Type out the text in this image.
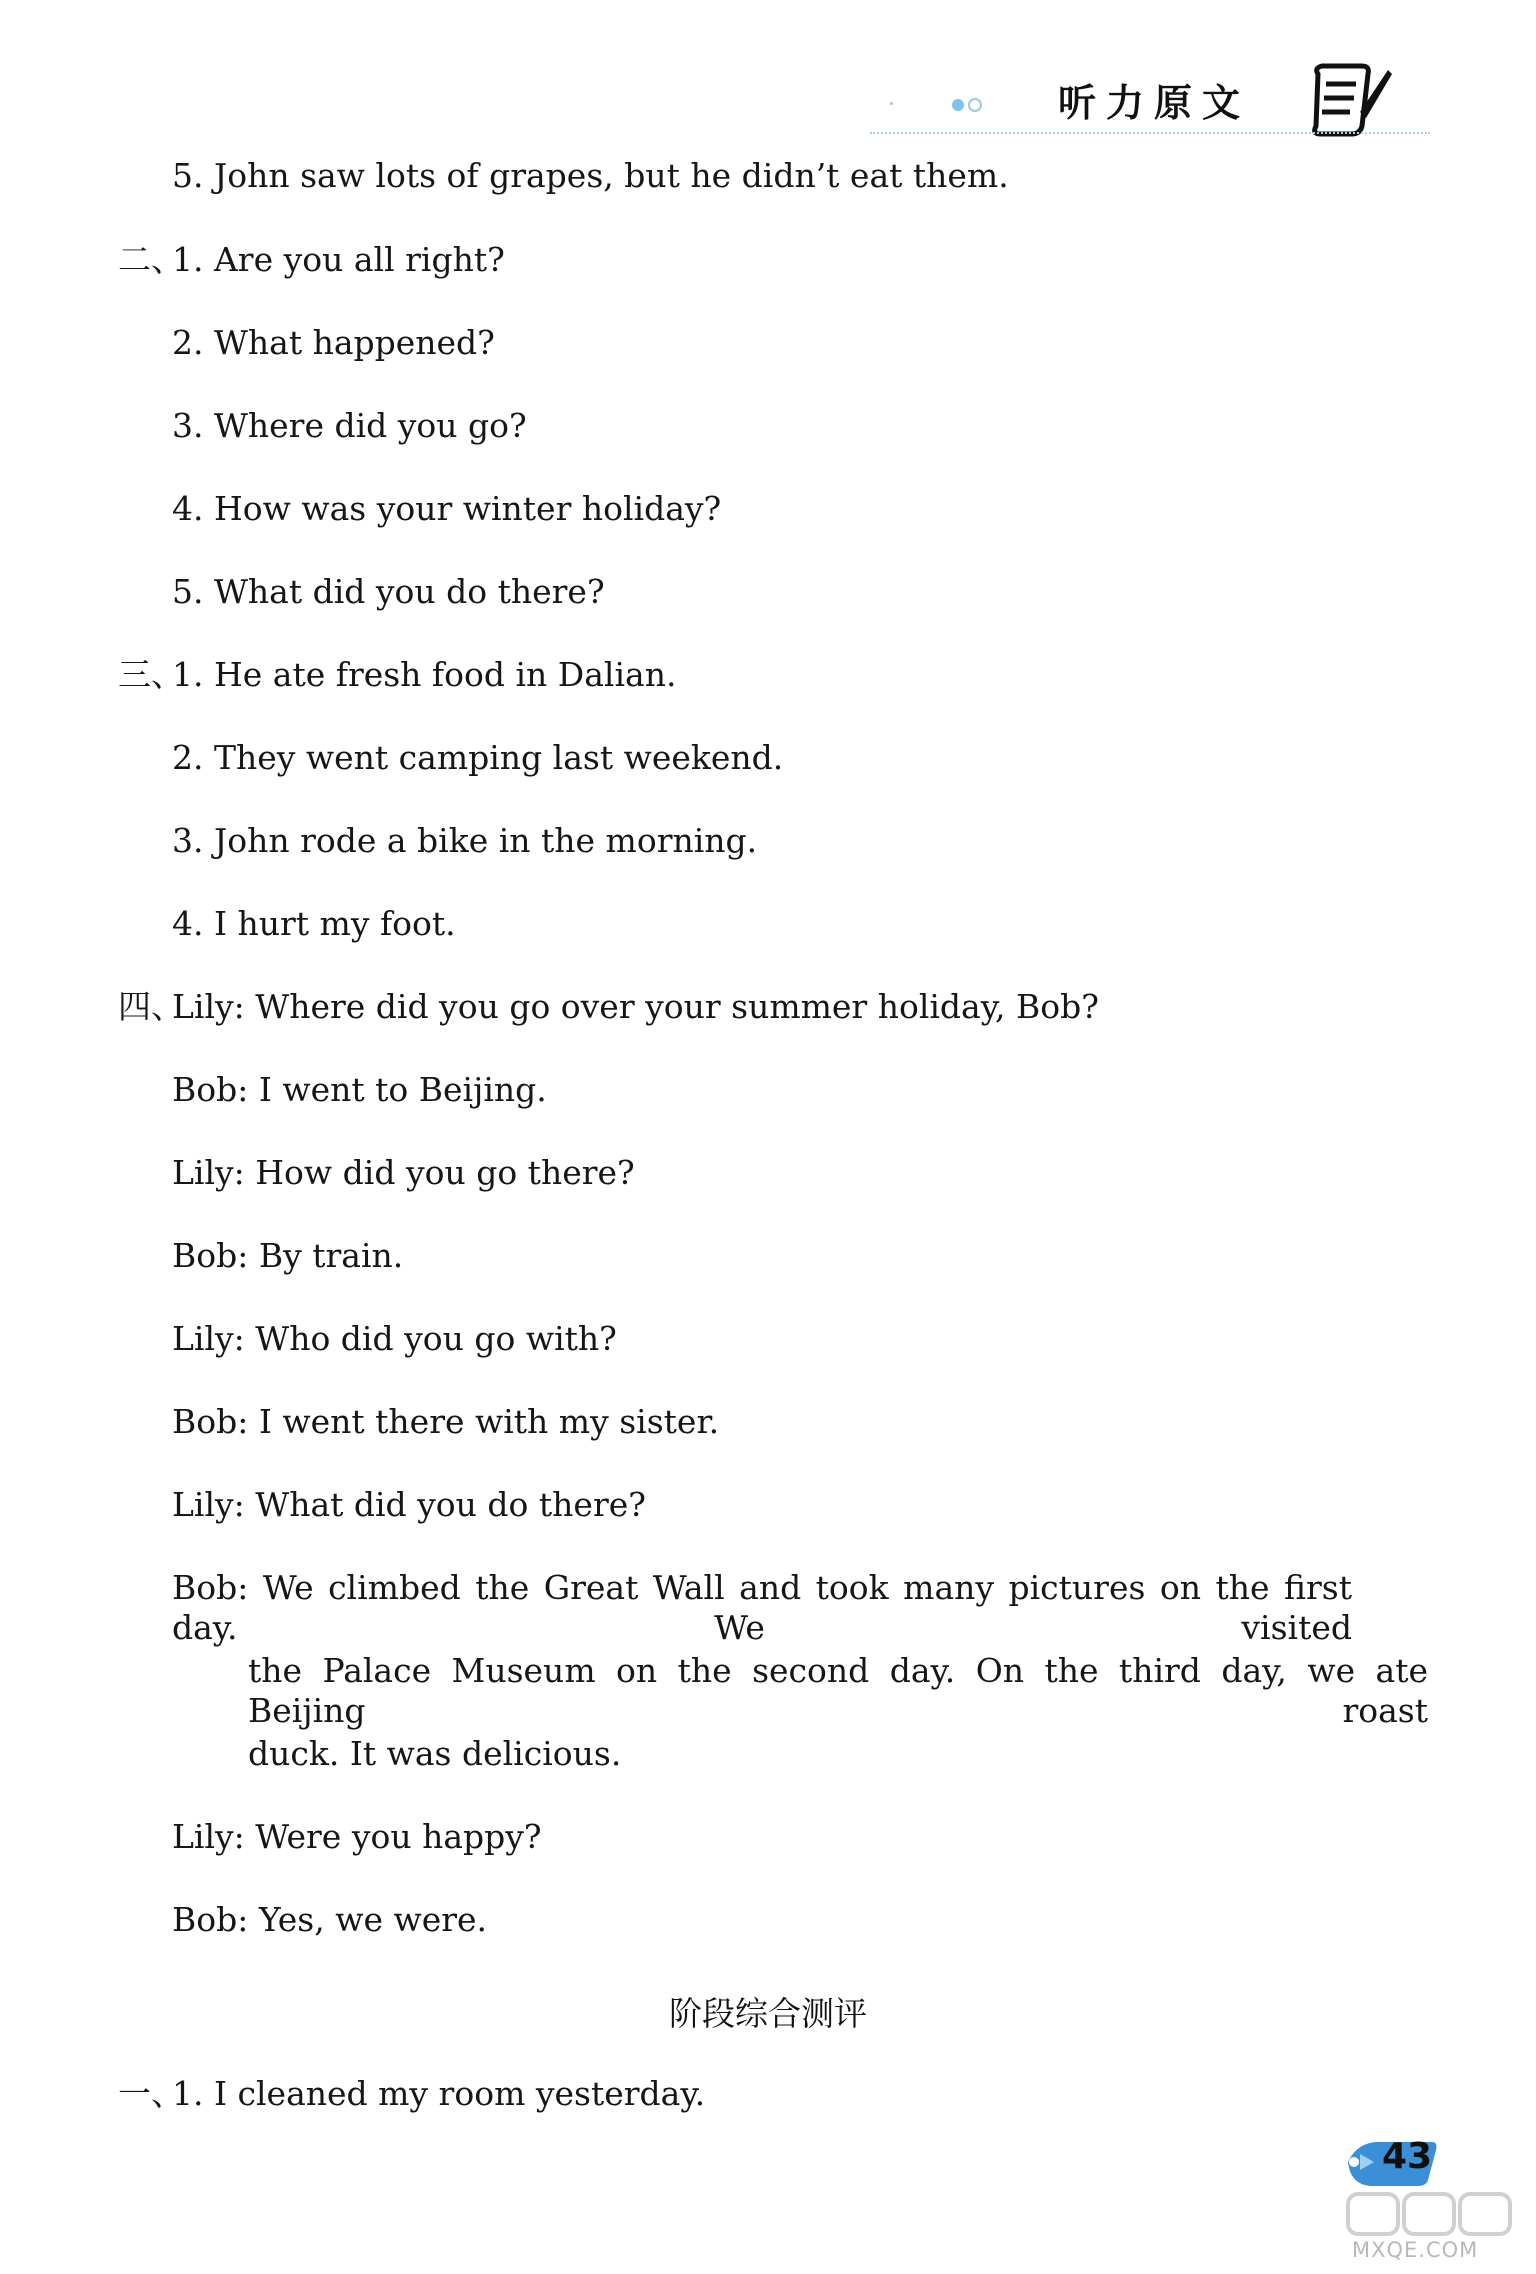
听力原文
5. John saw lots of grapes, but he didn’t eat them.
二、
1. Are you all right?
2. What happened?
3. Where did you go?
4. How was your winter holiday?
5. What did you do there?
三、
1. He ate fresh food in Dalian.
2. They went camping last weekend.
3. John rode a bike in the morning.
4. I hurt my foot.
四、
Lily: Where did you go over your summer holiday, Bob?
Bob: I went to Beijing.
Lily: How did you go there?
Bob: By train.
Lily: Who did you go with?
Bob: I went there with my sister.
Lily: What did you do there?
Bob: We climbed the Great Wall and took many pictures on the first day. We visited
the Palace Museum on the second day. On the third day, we ate Beijing roast
duck. It was delicious.
Lily: Were you happy?
Bob: Yes, we were.
阶段综合测评
一、
1. I cleaned my room yesterday.
43
MXQE.COM
